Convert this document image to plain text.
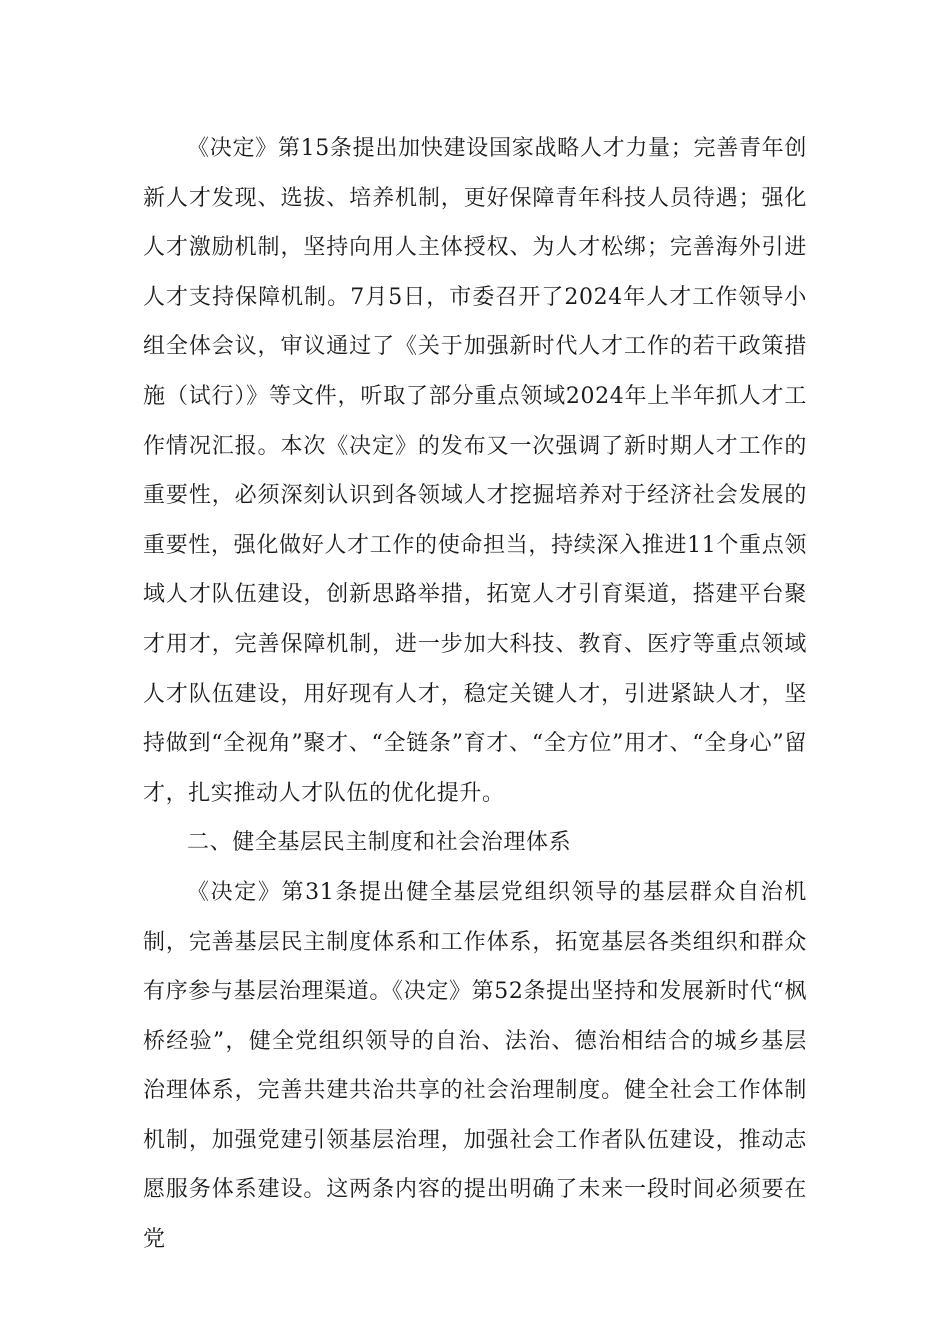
《决定》第15条提出加快建设国家战略人才力量；完善青年创新人才发现、选拔、培养机制，更好保障青年科技人员待遇；强化人才激励机制，坚持向用人主体授权、为人才松绑；完善海外引进人才支持保障机制。7月5日，市委召开了2024年人才工作领导小组全体会议，审议通过了《关于加强新时代人才工作的若干政策措施（试行）》等文件，听取了部分重点领域2024年上半年抓人才工作情况汇报。本次《决定》的发布又一次强调了新时期人才工作的重要性，必须深刻认识到各领域人才挖掘培养对于经济社会发展的重要性，强化做好人才工作的使命担当，持续深入推进11个重点领域人才队伍建设，创新思路举措，拓宽人才引育渠道，搭建平台聚才用才，完善保障机制，进一步加大科技、教育、医疗等重点领域人才队伍建设，用好现有人才，稳定关键人才，引进紧缺人才，坚持做到“全视角”聚才、“全链条”育才、“全方位”用才、“全身心”留才，扎实推动人才队伍的优化提升。

二、健全基层民主制度和社会治理体系

《决定》第31条提出健全基层党组织领导的基层群众自治机制，完善基层民主制度体系和工作体系，拓宽基层各类组织和群众有序参与基层治理渠道。《决定》第52条提出坚持和发展新时代“枫桥经验”，健全党组织领导的自治、法治、德治相结合的城乡基层治理体系，完善共建共治共享的社会治理制度。健全社会工作体制机制，加强党建引领基层治理，加强社会工作者队伍建设，推动志愿服务体系建设。这两条内容的提出明确了未来一段时间必须要在党
